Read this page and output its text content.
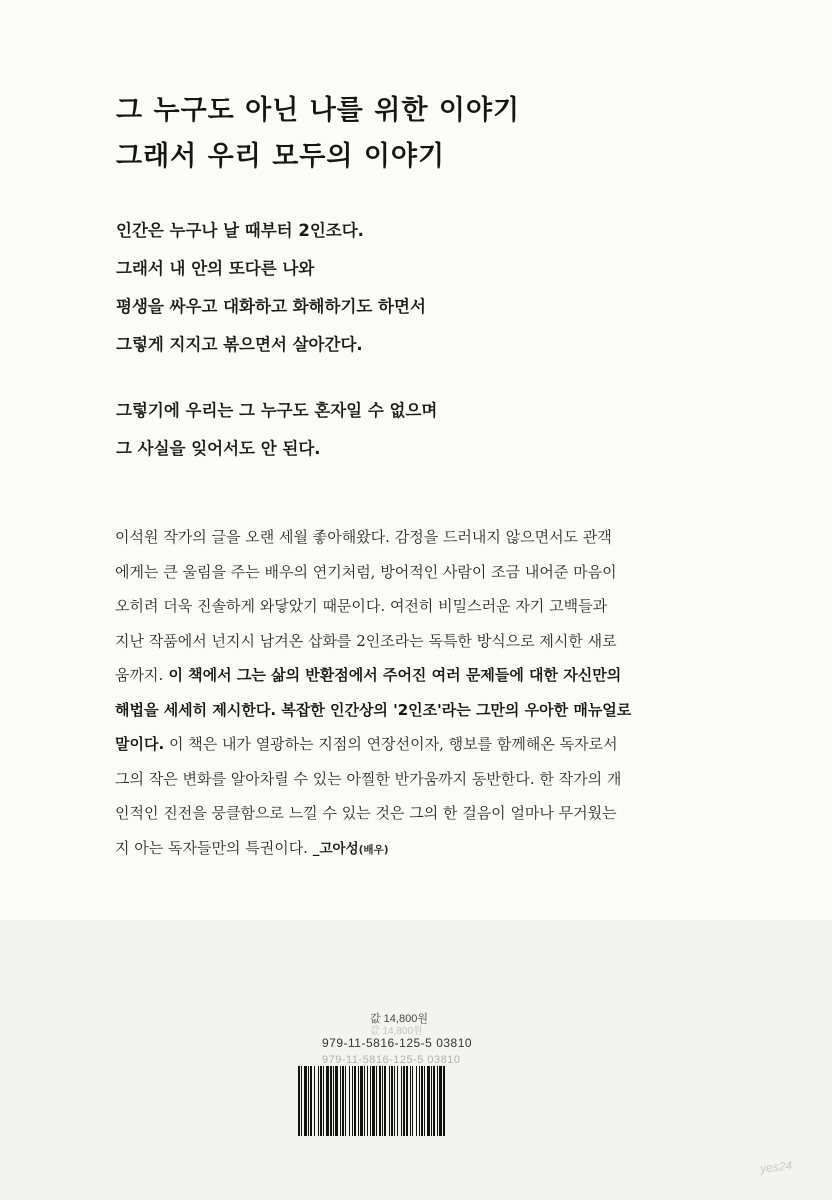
그 누구도 아닌 나를 위한 이야기
그래서 우리 모두의 이야기
인간은 누구나 날 때부터 2인조다.
그래서 내 안의 또다른 나와
평생을 싸우고 대화하고 화해하기도 하면서
그렇게 지지고 볶으면서 살아간다.
그렇기에 우리는 그 누구도 혼자일 수 없으며
그 사실을 잊어서도 안 된다.
이석원 작가의 글을 오랜 세월 좋아해왔다. 감정을 드러내지 않으면서도 관객
에게는 큰 울림을 주는 배우의 연기처럼, 방어적인 사람이 조금 내어준 마음이
오히려 더욱 진솔하게 와닿았기 때문이다. 여전히 비밀스러운 자기 고백들과
지난 작품에서 넌지시 남겨온 삽화를 2인조라는 독특한 방식으로 제시한 새로
움까지. 이 책에서 그는 삶의 반환점에서 주어진 여러 문제들에 대한 자신만의
해법을 세세히 제시한다. 복잡한 인간상의 '2인조'라는 그만의 우아한 매뉴얼로
말이다. 이 책은 내가 열광하는 지점의 연장선이자, 행보를 함께해온 독자로서
그의 작은 변화를 알아차릴 수 있는 아찔한 반가움까지 동반한다. 한 작가의 개
인적인 진전을 뭉클함으로 느낄 수 있는 것은 그의 한 걸음이 얼마나 무거웠는
지 아는 독자들만의 특권이다. _고아성(배우)
값 14,800원
값 14,800원
979-11-5816-125-5 03810
979-11-5816-125-5 03810
yes24
